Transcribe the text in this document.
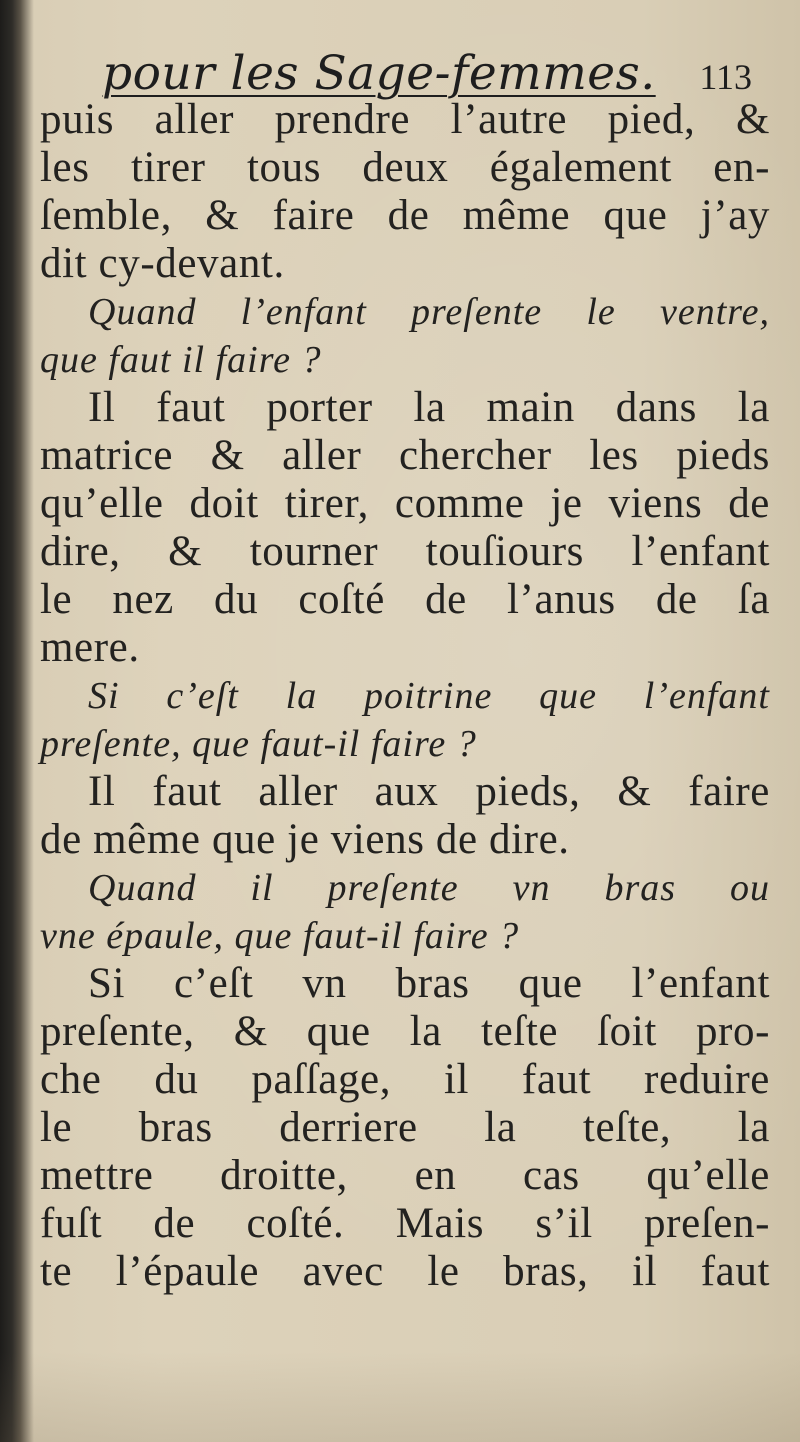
pour les Sage-femmes. 113
puis aller prendre l’autre pied, &
les tirer tous deux également en-
ſemble, & faire de même que j’ay
dit cy-devant.
Quand l’enfant preſente le ventre,
que faut il faire ?
Il faut porter la main dans la
matrice & aller chercher les pieds
qu’elle doit tirer, comme je viens de
dire, & tourner touſiours l’enfant
le nez du coſté de l’anus de ſa
mere.
Si c’eſt la poitrine que l’enfant
preſente, que faut-il faire ?
Il faut aller aux pieds, & faire
de même que je viens de dire.
Quand il preſente vn bras ou
vne épaule, que faut-il faire ?
Si c’eſt vn bras que l’enfant
preſente, & que la teſte ſoit pro-
che du paſſage, il faut reduire
le bras derriere la teſte, la
mettre droitte, en cas qu’elle
fuſt de coſté. Mais s’il preſen-
te l’épaule avec le bras, il faut
